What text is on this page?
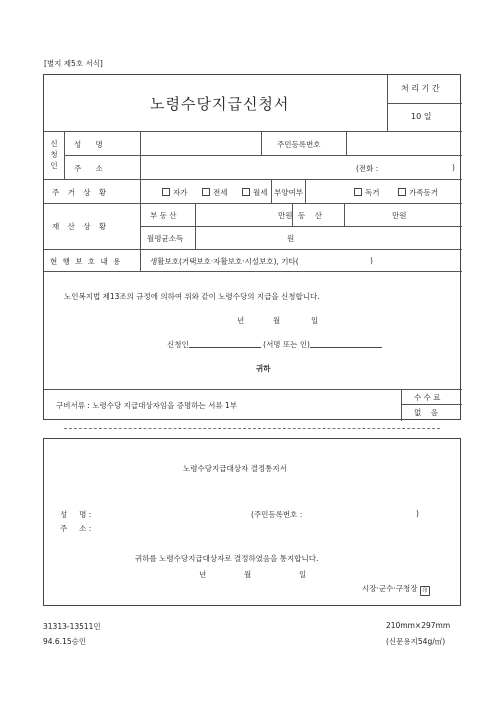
[별지 제5호 서식]
노령수당지급신청서
처 리 기 간
10 일
신청인
성      명	주민등록번호
주      소	(전화 :	)
주 거 상 황	자가	전세	월세 부양여부	독거	가족동거
재 산 상 황
부 동 산	만원 동    산	만원
월평균소득	원
현 행 보 호 내 용	생활보호(거택보호·자활보호·시설보호), 기타(	)
노인복지법 제13조의 규정에 의하여 위와 같이 노령수당의 지급을 신청합니다.
년	월	일
신청인	(서명 또는 인)
귀하
구비서류 : 노령수당 지급대상자임을 증명하는 서류 1부
수 수 료
없    음
노령수당지급대상자 결정통지서
성     명 :	(주민등록번호 :	)
주     소 :
귀하를 노령수당지급대상자로 결정하였음을 통지합니다.
년	월	일
시장·군수·구청장 印
31313-13511민
94.6.15승인
210mm×297mm
(신문용지54g/㎡)
